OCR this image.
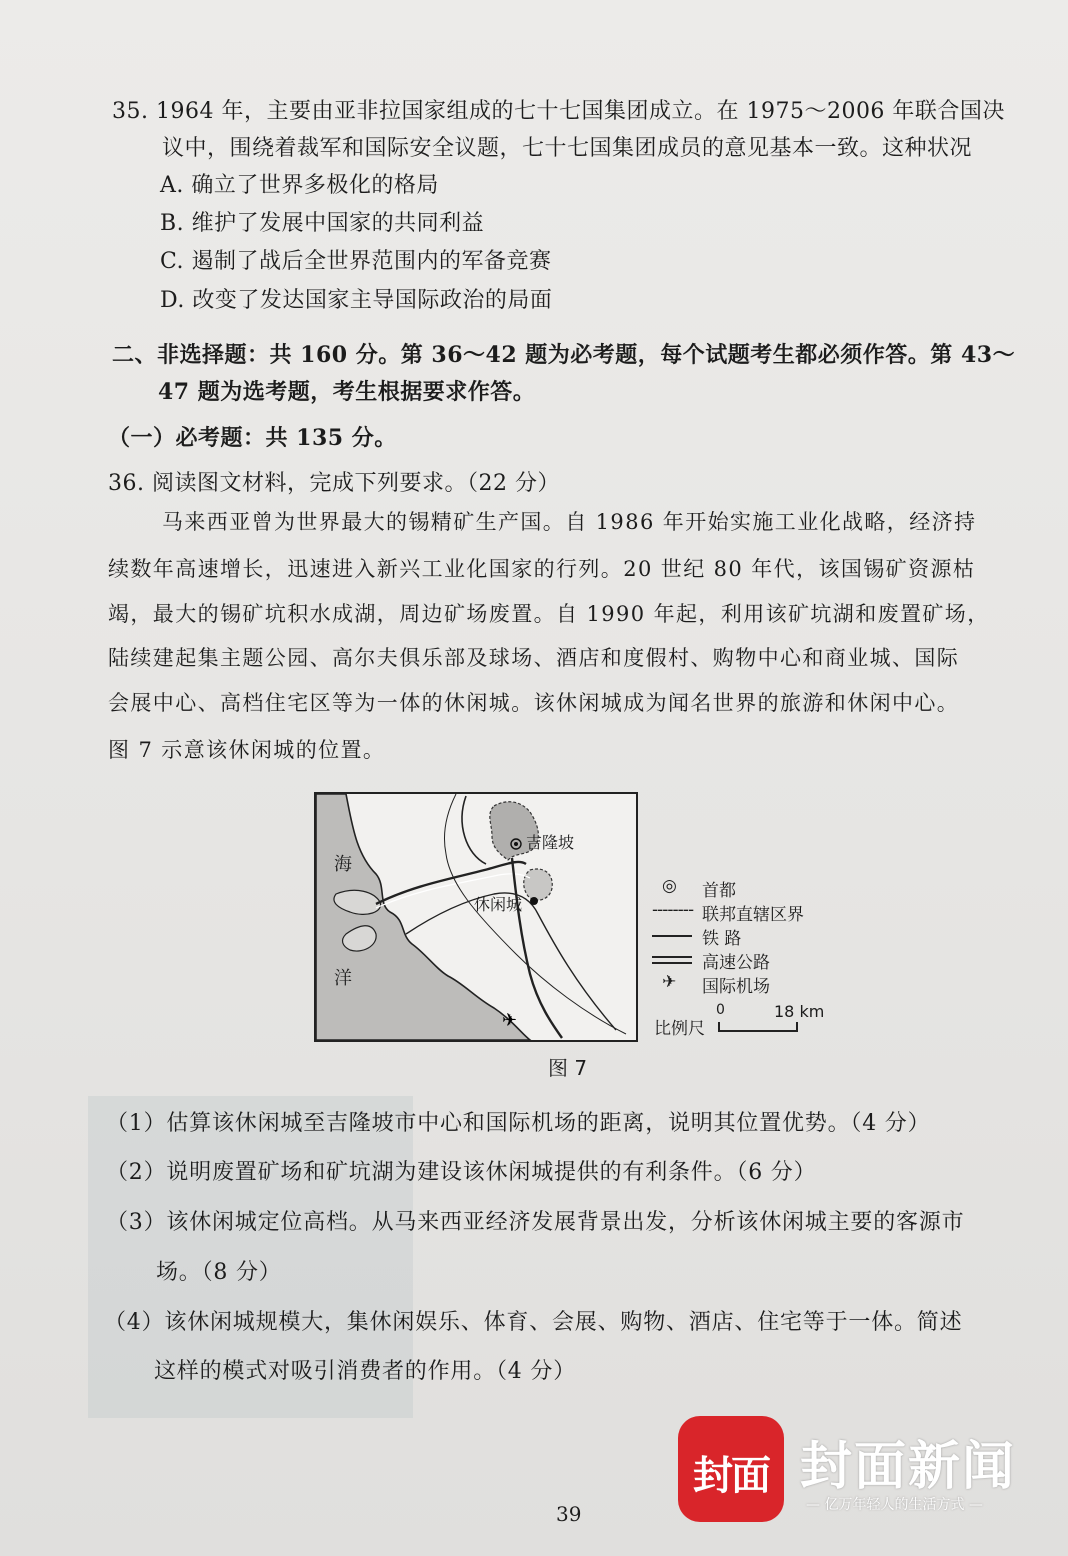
35. 1964 年，主要由亚非拉国家组成的七十七国集团成立。在 1975～2006 年联合国决
议中，围绕着裁军和国际安全议题，七十七国集团成员的意见基本一致。这种状况
A. 确立了世界多极化的格局
B. 维护了发展中国家的共同利益
C. 遏制了战后全世界范围内的军备竞赛
D. 改变了发达国家主导国际政治的局面
二、非选择题：共 160 分。第 36～42 题为必考题，每个试题考生都必须作答。第 43～
47 题为选考题，考生根据要求作答。
（一）必考题：共 135 分。
36. 阅读图文材料，完成下列要求。（22 分）
马来西亚曾为世界最大的锡精矿生产国。自 1986 年开始实施工业化战略，经济持
续数年高速增长，迅速进入新兴工业化国家的行列。20 世纪 80 年代，该国锡矿资源枯
竭，最大的锡矿坑积水成湖，周边矿场废置。自 1990 年起，利用该矿坑湖和废置矿场，
陆续建起集主题公园、高尔夫俱乐部及球场、酒店和度假村、购物中心和商业城、国际
会展中心、高档住宅区等为一体的休闲城。该休闲城成为闻名世界的旅游和休闲中心。
图 7 示意该休闲城的位置。
✈
海
洋
吉隆坡
休闲城
◎ 首都
-------- 联邦直辖区界
铁 路
高速公路
✈ 国际机场
比例尺
0	18 km
图 7
（1）估算该休闲城至吉隆坡市中心和国际机场的距离，说明其位置优势。（4 分）
（2）说明废置矿场和矿坑湖为建设该休闲城提供的有利条件。（6 分）
（3）该休闲城定位高档。从马来西亚经济发展背景出发，分析该休闲城主要的客源市
场。（8 分）
（4）该休闲城规模大，集休闲娱乐、体育、会展、购物、酒店、住宅等于一体。简述
这样的模式对吸引消费者的作用。（4 分）
封面 封面新闻
— 亿万年轻人的生活方式 —
39
